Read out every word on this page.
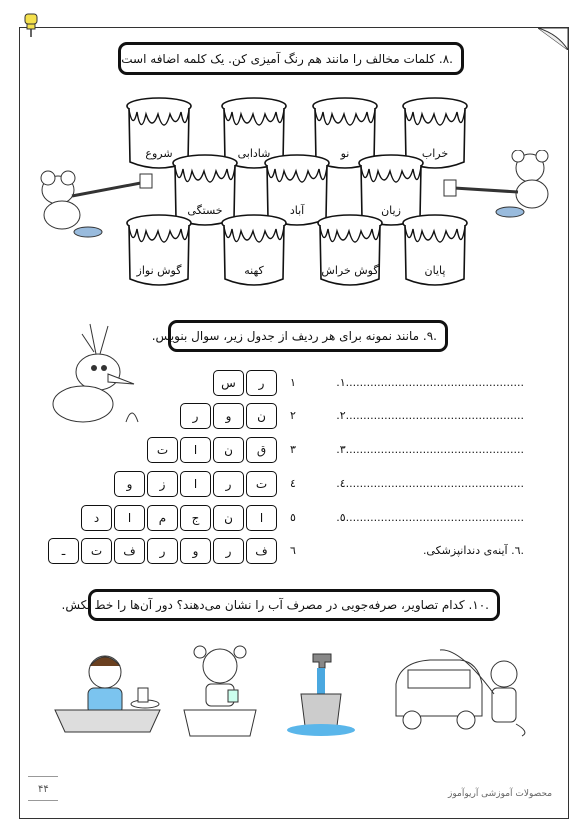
.٨. کلمات مخالف را مانند هم رنگ آمیزی کن. یک کلمه اضافه است.
خراب
نو
شادابی
شروع
زیان
آباد
خستگی
پایان
گوش خراش
کهنه
گوش نواز
.٩. مانند نمونه برای هر ردیف از جدول زیر، سوال بنویس.
١
٢
٣
٤
٥
٦
...................................................١.
...................................................٢.
...................................................٣.
...................................................٤.
...................................................٥.
.٦. آینه‌ی دندانپزشکی.
ر
س
ن
و
ر
ق
ن
ا
ت
ت
ر
ا
ز
و
ا
ن
ج
م
ا
د
ف
ر
و
ر
ف
ت
ـ
.١٠. کدام تصاویر، صرفه‌جویی در مصرف آب را نشان می‌دهند؟ دور آن‌ها را خط بکش.
۴۴	محصولات آموزشی آریوآموز
